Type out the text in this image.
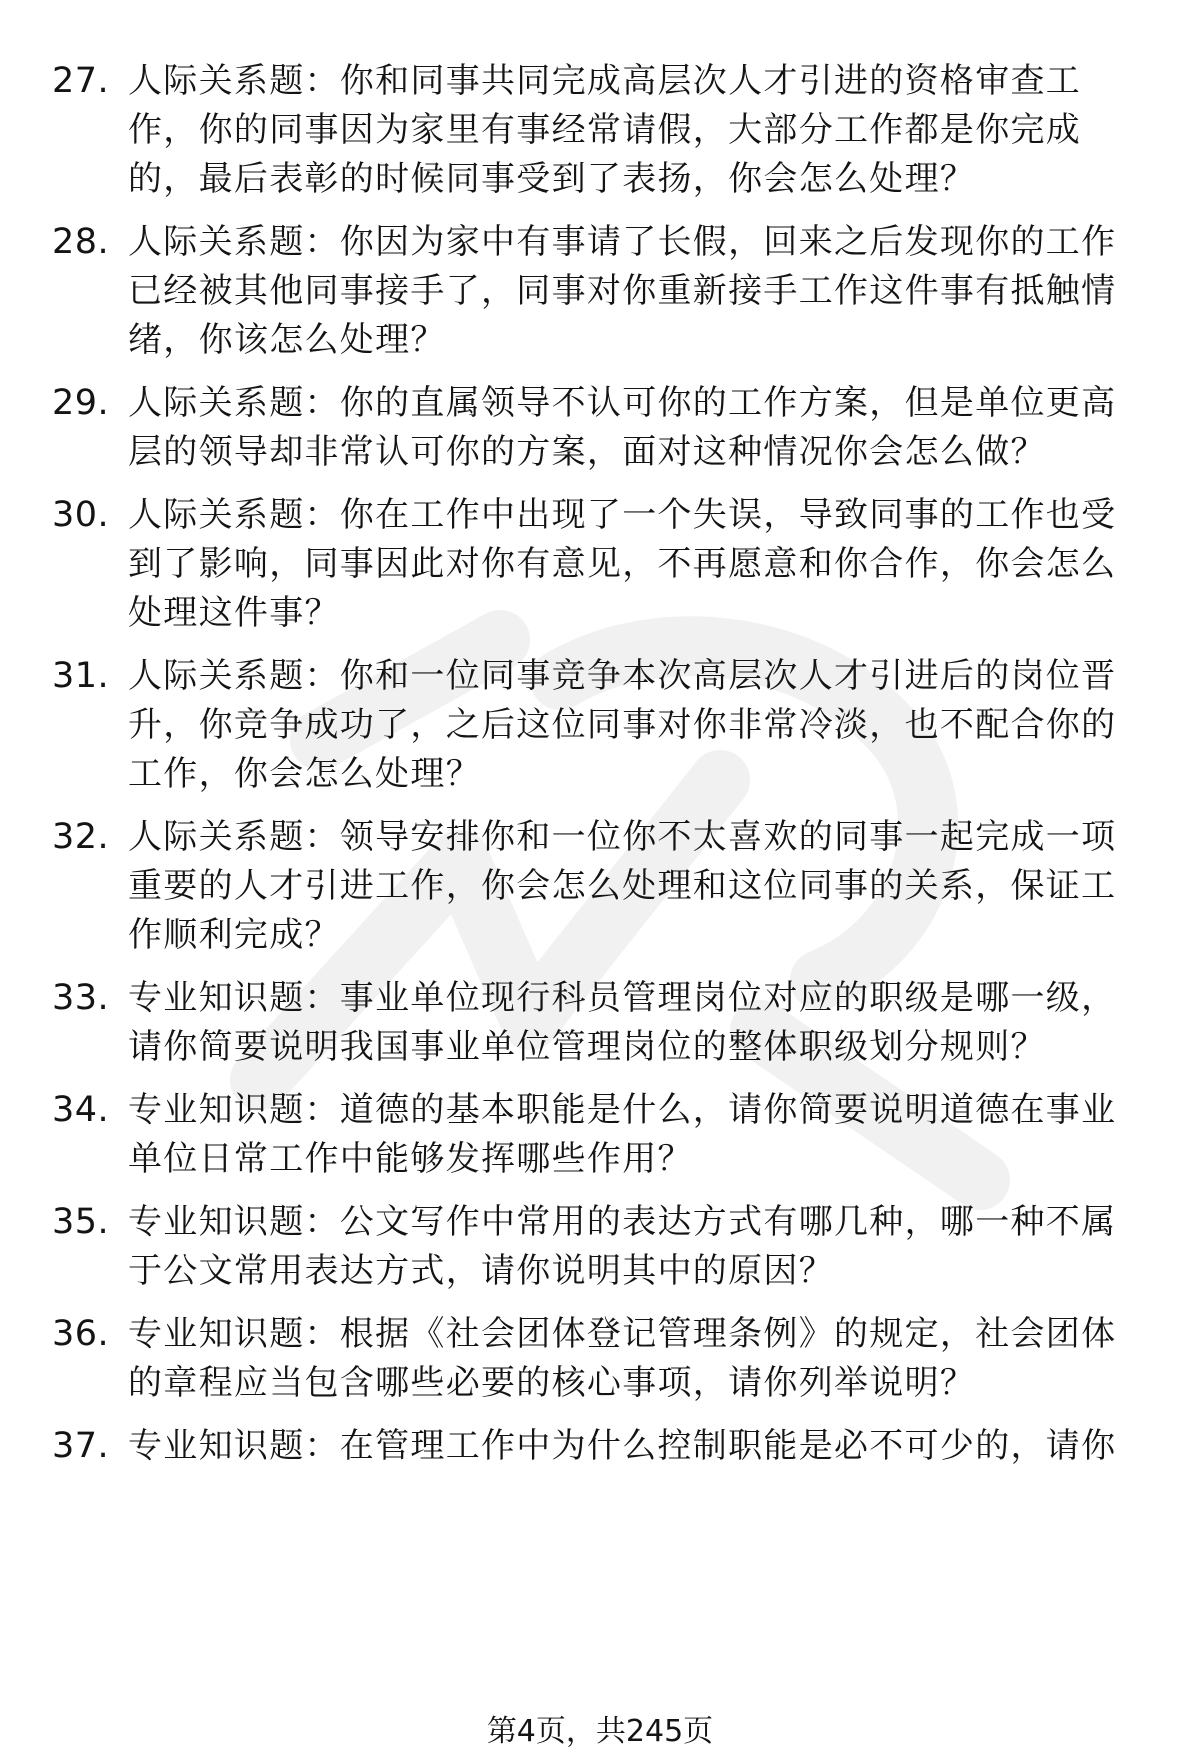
27. 人际关系题：你和同事共同完成高层次人才引进的资格审查工作，你的同事因为家里有事经常请假，大部分工作都是你完成的，最后表彰的时候同事受到了表扬，你会怎么处理？
28. 人际关系题：你因为家中有事请了长假，回来之后发现你的工作已经被其他同事接手了，同事对你重新接手工作这件事有抵触情绪，你该怎么处理？
29. 人际关系题：你的直属领导不认可你的工作方案，但是单位更高层的领导却非常认可你的方案，面对这种情况你会怎么做？
30. 人际关系题：你在工作中出现了一个失误，导致同事的工作也受到了影响，同事因此对你有意见，不再愿意和你合作，你会怎么处理这件事？
31. 人际关系题：你和一位同事竞争本次高层次人才引进后的岗位晋升，你竞争成功了，之后这位同事对你非常冷淡，也不配合你的工作，你会怎么处理？
32. 人际关系题：领导安排你和一位你不太喜欢的同事一起完成一项重要的人才引进工作，你会怎么处理和这位同事的关系，保证工作顺利完成？
33. 专业知识题：事业单位现行科员管理岗位对应的职级是哪一级，请你简要说明我国事业单位管理岗位的整体职级划分规则？
34. 专业知识题：道德的基本职能是什么，请你简要说明道德在事业单位日常工作中能够发挥哪些作用？
35. 专业知识题：公文写作中常用的表达方式有哪几种，哪一种不属于公文常用表达方式，请你说明其中的原因？
36. 专业知识题：根据《社会团体登记管理条例》的规定，社会团体的章程应当包含哪些必要的核心事项，请你列举说明？
37. 专业知识题：在管理工作中为什么控制职能是必不可少的，请你
第4页，共245页
